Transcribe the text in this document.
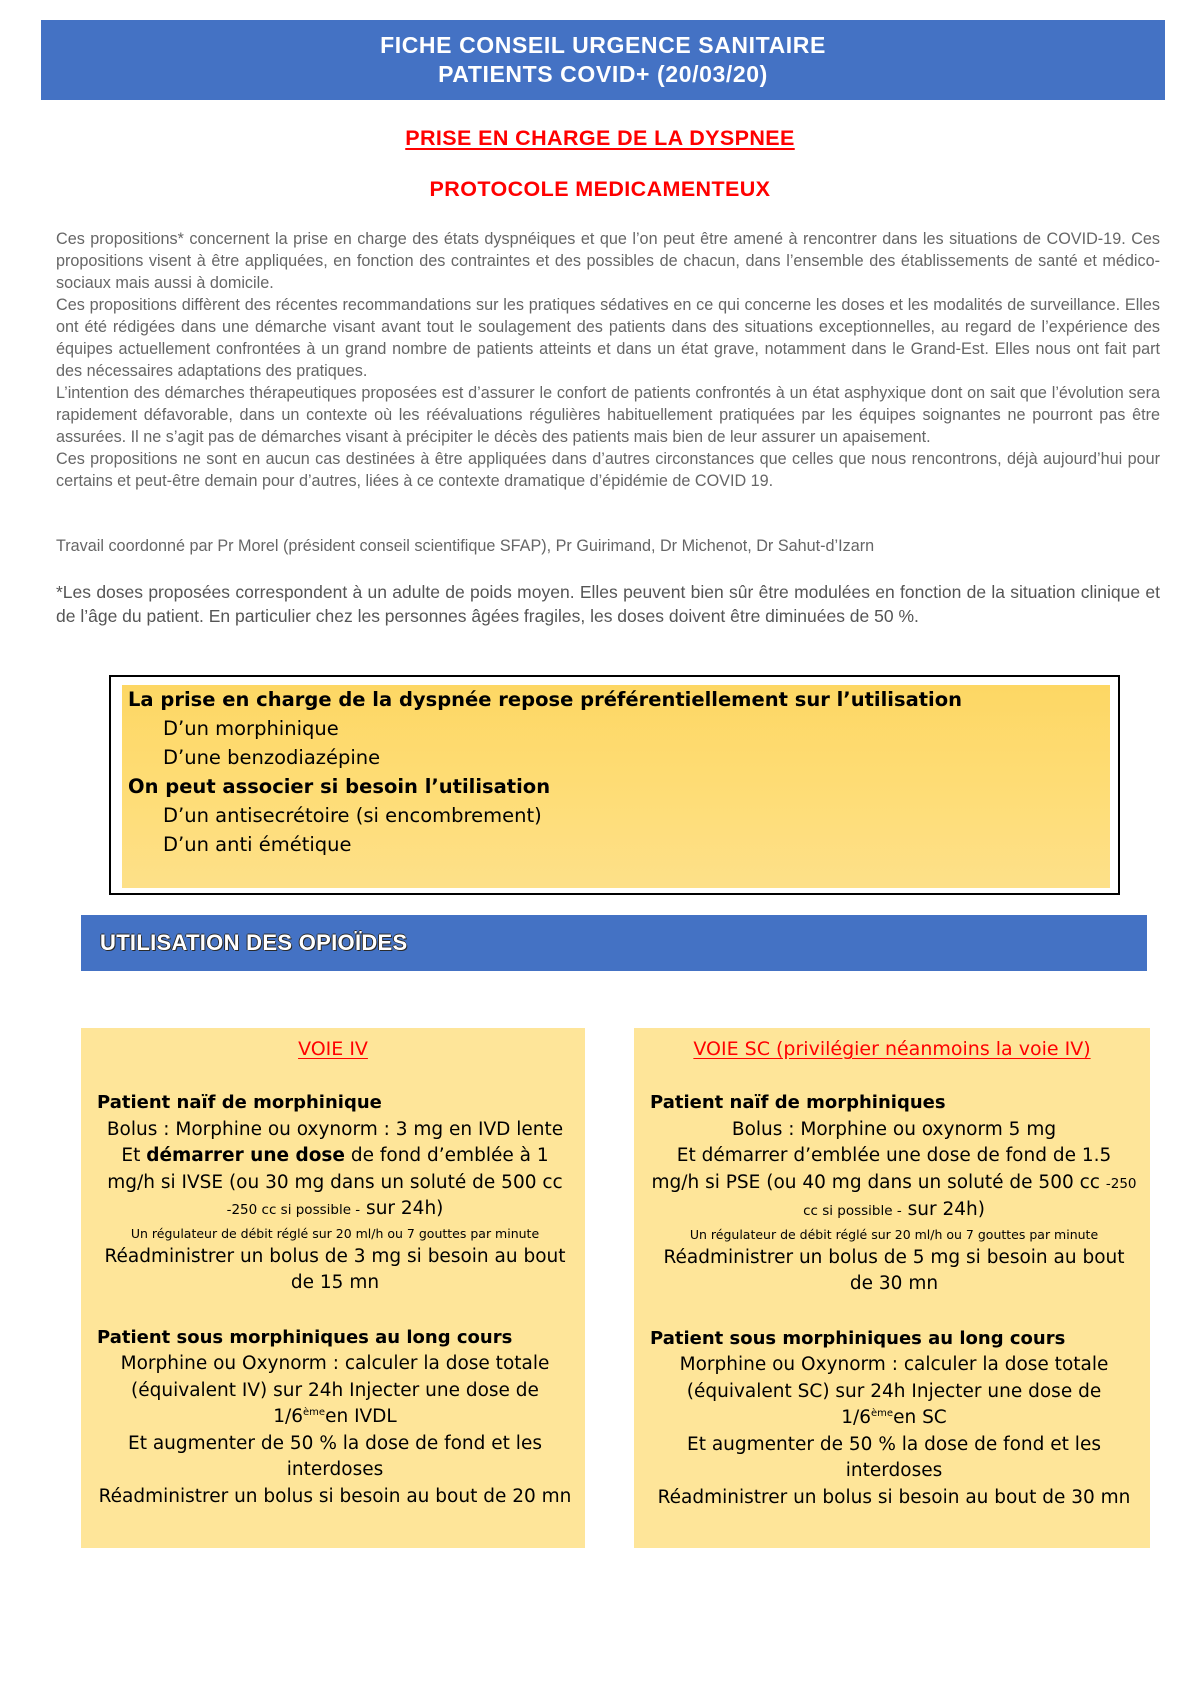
FICHE CONSEIL URGENCE SANITAIRE
PATIENTS COVID+ (20/03/20)
PRISE EN CHARGE DE LA DYSPNEE
PROTOCOLE MEDICAMENTEUX

Ces propositions* concernent la prise en charge des états dyspnéiques et que l’on peut être amené à rencontrer dans les situations de COVID-19. Ces propositions visent à être appliquées, en fonction des contraintes et des possibles de chacun, dans l’ensemble des établissements de santé et médico-sociaux mais aussi à domicile.

Ces propositions diffèrent des récentes recommandations sur les pratiques sédatives en ce qui concerne les doses et les modalités de surveillance. Elles ont été rédigées dans une démarche visant avant tout le soulagement des patients dans des situations exceptionnelles, au regard de l’expérience des équipes actuellement confrontées à un grand nombre de patients atteints et dans un état grave, notamment dans le Grand-Est. Elles nous ont fait part des nécessaires adaptations des pratiques.

L’intention des démarches thérapeutiques proposées est d’assurer le confort de patients confrontés à un état asphyxique dont on sait que l’évolution sera rapidement défavorable, dans un contexte où les réévaluations régulières habituellement pratiquées par les équipes soignantes ne pourront pas être assurées. Il ne s’agit pas de démarches visant à précipiter le décès des patients mais bien de leur assurer un apaisement.

Ces propositions ne sont en aucun cas destinées à être appliquées dans d’autres circonstances que celles que nous rencontrons, déjà aujourd’hui pour certains et peut-être demain pour d’autres, liées à ce contexte dramatique d’épidémie de COVID 19.

Travail coordonné par Pr Morel (président conseil scientifique SFAP), Pr Guirimand, Dr Michenot, Dr Sahut-d’Izarn
*Les doses proposées correspondent à un adulte de poids moyen. Elles peuvent bien sûr être modulées en fonction de la situation clinique et de l’âge du patient. En particulier chez les personnes âgées fragiles, les doses doivent être diminuées de 50 %.
La prise en charge de la dyspnée repose préférentiellement sur l’utilisation
D’un morphinique
D’une benzodiazépine
On peut associer si besoin l’utilisation
D’un antisecrétoire (si encombrement)
D’un anti émétique
UTILISATION DES OPIOÏDES
VOIE IV
Patient naïf de morphinique
Bolus : Morphine ou oxynorm : 3 mg en IVD lente
Et démarrer une dose de fond d’emblée à 1 mg/h si IVSE (ou 30 mg dans un soluté de 500 cc -250 cc si possible - sur 24h)
Un régulateur de débit réglé sur 20 ml/h ou 7 gouttes par minute
Réadministrer un bolus de 3 mg si besoin au bout de 15 mn
Patient sous morphiniques au long cours
Morphine ou Oxynorm : calculer la dose totale (équivalent IV) sur 24h Injecter une dose de 1/6èmeen IVDL
Et augmenter de 50 % la dose de fond et les interdoses
Réadministrer un bolus si besoin au bout de 20 mn
VOIE SC (privilégier néanmoins la voie IV)
Patient naïf de morphiniques
Bolus : Morphine ou oxynorm 5 mg
Et démarrer d’emblée une dose de fond de 1.5 mg/h si PSE (ou 40 mg dans un soluté de 500 cc -250 cc si possible - sur 24h)
Un régulateur de débit réglé sur 20 ml/h ou 7 gouttes par minute
Réadministrer un bolus de 5 mg si besoin au bout de 30 mn
Patient sous morphiniques au long cours
Morphine ou Oxynorm : calculer la dose totale (équivalent SC) sur 24h Injecter une dose de 1/6èmeen SC
Et augmenter de 50 % la dose de fond et les interdoses
Réadministrer un bolus si besoin au bout de 30 mn
